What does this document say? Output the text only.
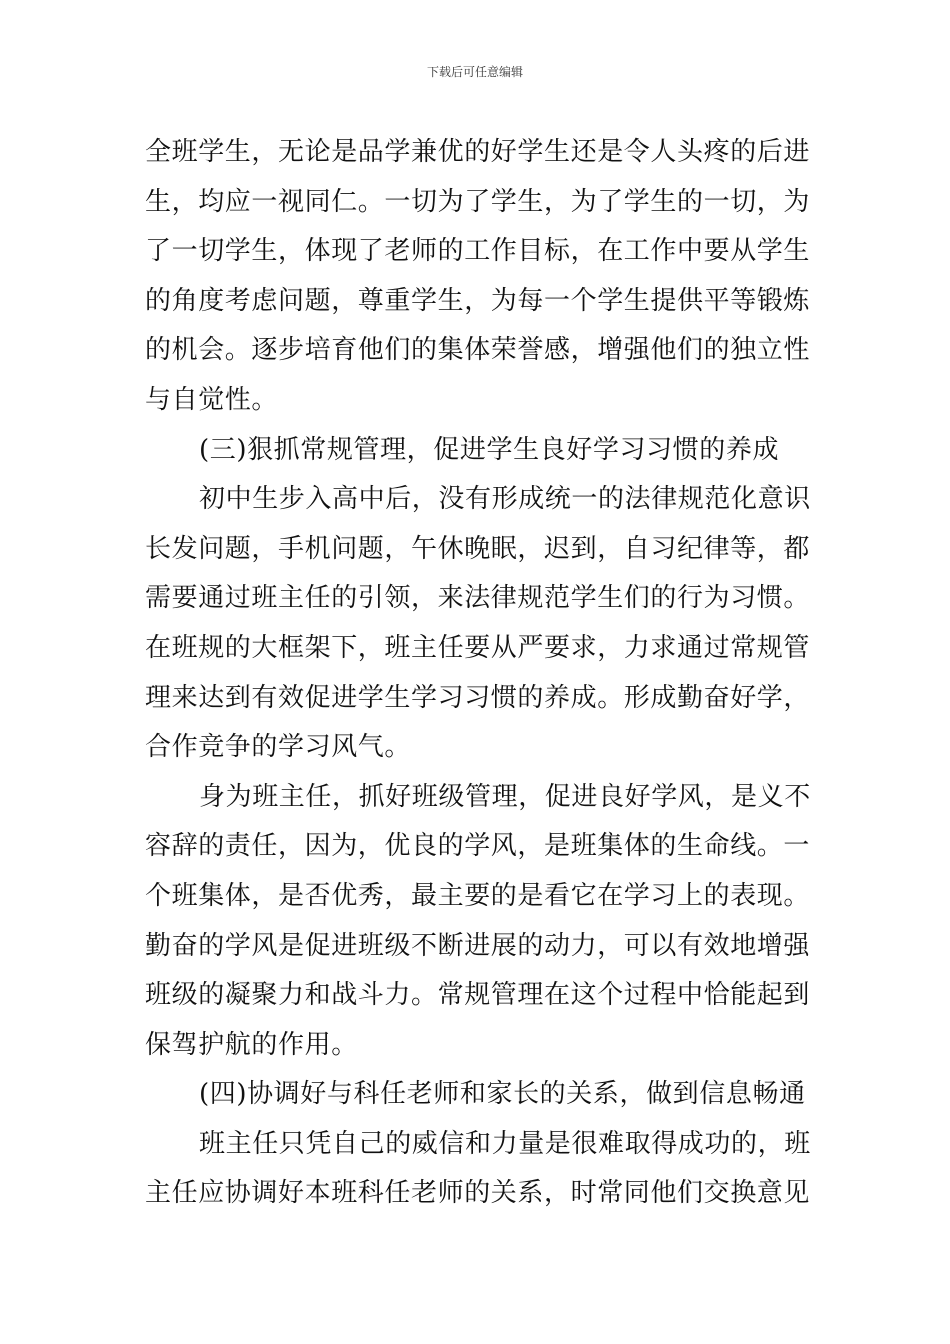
下载后可任意编辑
全班学生，无论是品学兼优的好学生还是令人头疼的后进
生，均应一视同仁。一切为了学生，为了学生的一切，为
了一切学生，体现了老师的工作目标，在工作中要从学生
的角度考虑问题，尊重学生，为每一个学生提供平等锻炼
的机会。逐步培育他们的集体荣誉感，增强他们的独立性
与自觉性。
(三)狠抓常规管理，促进学生良好学习习惯的养成
初中生步入高中后，没有形成统一的法律规范化意识
长发问题，手机问题，午休晚眠，迟到，自习纪律等，都
需要通过班主任的引领，来法律规范学生们的行为习惯。
在班规的大框架下，班主任要从严要求，力求通过常规管
理来达到有效促进学生学习习惯的养成。形成勤奋好学，
合作竞争的学习风气。
身为班主任，抓好班级管理，促进良好学风，是义不
容辞的责任，因为，优良的学风，是班集体的生命线。一
个班集体，是否优秀，最主要的是看它在学习上的表现。
勤奋的学风是促进班级不断进展的动力，可以有效地增强
班级的凝聚力和战斗力。常规管理在这个过程中恰能起到
保驾护航的作用。
(四)协调好与科任老师和家长的关系，做到信息畅通
班主任只凭自己的威信和力量是很难取得成功的，班
主任应协调好本班科任老师的关系，时常同他们交换意见
